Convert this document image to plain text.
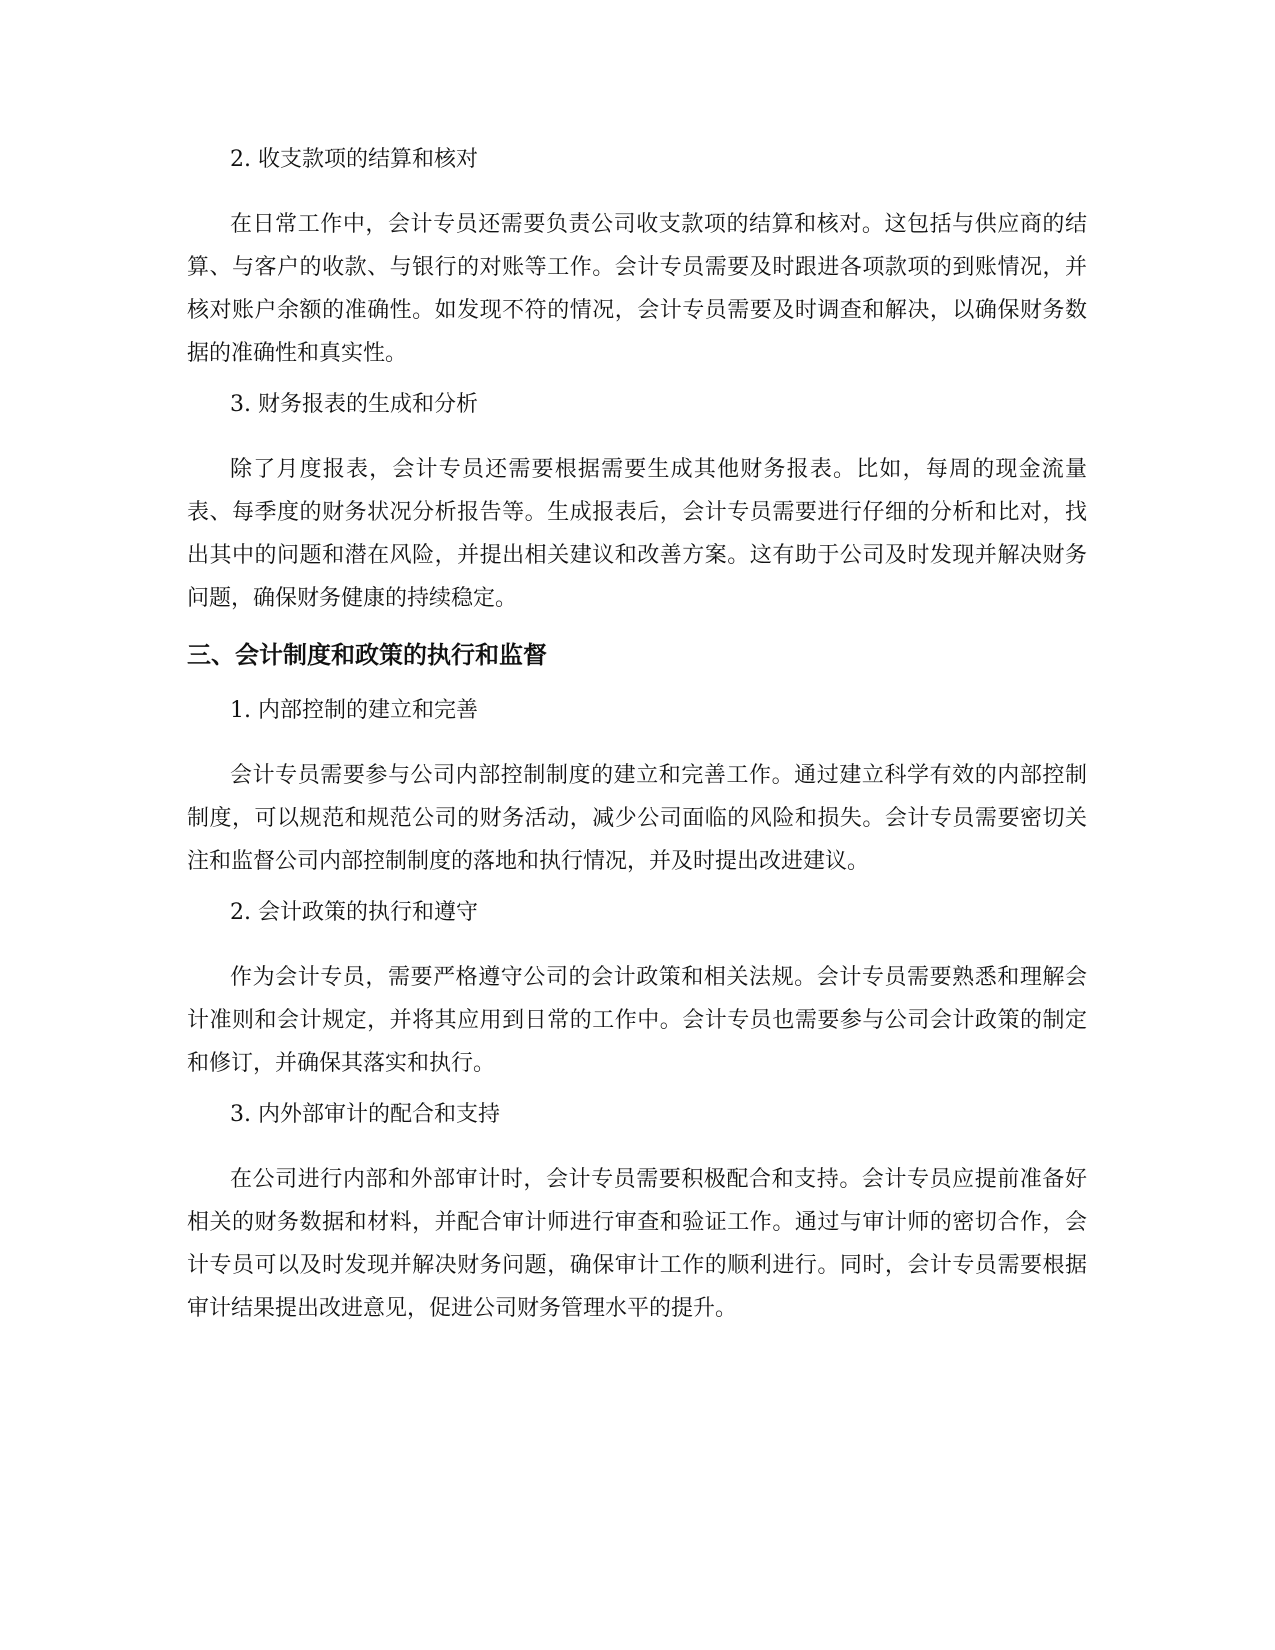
2. 收支款项的结算和核对

在日常工作中，会计专员还需要负责公司收支款项的结算和核对。这包括与供应商的结算、与客户的收款、与银行的对账等工作。会计专员需要及时跟进各项款项的到账情况，并核对账户余额的准确性。如发现不符的情况，会计专员需要及时调查和解决，以确保财务数据的准确性和真实性。

3. 财务报表的生成和分析

除了月度报表，会计专员还需要根据需要生成其他财务报表。比如，每周的现金流量表、每季度的财务状况分析报告等。生成报表后，会计专员需要进行仔细的分析和比对，找出其中的问题和潜在风险，并提出相关建议和改善方案。这有助于公司及时发现并解决财务问题，确保财务健康的持续稳定。

三、会计制度和政策的执行和监督
1. 内部控制的建立和完善

会计专员需要参与公司内部控制制度的建立和完善工作。通过建立科学有效的内部控制制度，可以规范和规范公司的财务活动，减少公司面临的风险和损失。会计专员需要密切关注和监督公司内部控制制度的落地和执行情况，并及时提出改进建议。

2. 会计政策的执行和遵守

作为会计专员，需要严格遵守公司的会计政策和相关法规。会计专员需要熟悉和理解会计准则和会计规定，并将其应用到日常的工作中。会计专员也需要参与公司会计政策的制定和修订，并确保其落实和执行。

3. 内外部审计的配合和支持

在公司进行内部和外部审计时，会计专员需要积极配合和支持。会计专员应提前准备好相关的财务数据和材料，并配合审计师进行审查和验证工作。通过与审计师的密切合作，会计专员可以及时发现并解决财务问题，确保审计工作的顺利进行。同时，会计专员需要根据审计结果提出改进意见，促进公司财务管理水平的提升。
